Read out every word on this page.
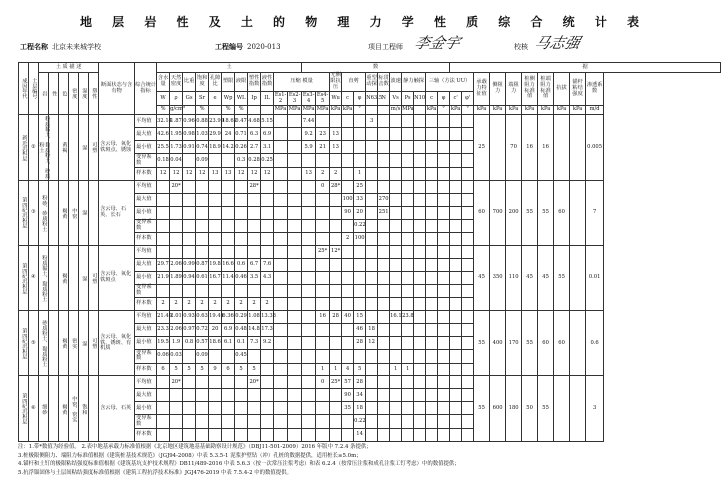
地 层 岩 性 及 土 的 物 理 力 学 性 质 综 合 统 计 表
工程名称 北京未来城学校	工程编号 2020-013	项目工程师 李金宇	校核 马志强
成因年代	土层编号	土 质 描 述						断面状态与含有物	综合统计指标	土											数												据									
		岩	性	色	密度	湿度	塑性			含水量	天然密度	比重	饱和度	孔隙比	塑限	液限	塑性指数	液性指数	压缩 模量				无侧限抗压	直剪		重型动探	标贯击数	波速	静力触探		三轴（方法 UU）				承载力特征值	侧阻力	端阻力	桩侧阻力标准值	桩端阻力标准值	抗拔	锚杆粘结强度	渗透系数
										W	ρ	Gs	Sr	e	Wp	WL	Ip	IL	Es1-2	Es2-3	Es3-4	Es4-5	Wu	c	φ	N63.5	N	Vs	Ps	N10	c	φ	c'	φ'								
										%	g/cm³		%		%	%			MPa	MPa	MPa	MPa	kPa	kPa	°			m/s	MPa		kPa	°	kPa	°	kPa	kPa	kPa	kPa	kPa	kPa	kPa	m/d
新近沉积层	②	粉质黏土、黏质粉土、砂质粉土		黄褐		湿	可塑	含云母、氧化铁斑点、锈蚀	平均值	32.14	1.87	0.96	0.88	23.99	18.62	0.47	4.68	5.15			7.44					3									25		70	16	16			0.005
									最大值	42.6	1.95	0.98	1.03	29.9	24	0.71	6.3	6.9			9.2	23	13																			
									最小值	25.5	1.73	0.91	0.74	18.9	14.2	0.26	2.7	3.1			5.9	21	13																			
									变异系数	0.18	0.04		0.09			0.3	0.28	0.25																								
									样本数	12	12	12	12	13	13	12	12	12			13	2	2		1																	
第四纪沉积层	③	粉砂、砂质粉土		褐黄	中密	湿		含云母、石英、长石	平均值		20*						28*					0	28*		25										60	700	200	55	55	60		7
									最大值															100	33		270															
									最小值															90	20		251															
									变异系数																0.22																	
									样本数															2	100																	
第四纪沉积层	④	粉质黏土、黏质粉土		褐黄		湿	可塑	含云母、氧化铁斑点	平均值													25*	12*												45	350	110	45	45	55		0.01
									最大值	29.7	2.06	0.99	0.87	19.8	16.6	0.6	6.7	7.6																								
									最小值	21.9	1.89	0.94	0.61	16.7	11.4	0.46	3.5	4.3																								
									变异系数																																	
									样本数	2	2	2	2	2	2	2	2	2																								
第四纪沉积层	⑤	砂质粉土、黏质粉土		褐黄	密实	湿	可塑	含云母、氧化铁、锈斑、有机质	平均值	21.49	2.01	0.93	0.63	19.41	6.36	0.29	1.08	13.38				16	28	40	15			16.1	23.8						55	400	170	55	60	60		0.6
									最大值	23.3	2.06	0.97	0.72	20	6.9	0.48	14.8	17.3							46	18																
									最小值	19.5	1.9	0.8	0.57	18.6	6.1	0.1	7.3	9.2							28	12																
									变异系数	0.06	0.03		0.09			0.45																										
									样本数	6	5	5	5	9	6	5	5					1	1	4	5			1	1													
第四纪沉积层	⑥	细砂		褐黄	中密、密实	饱和		含云母、石英	平均值		20*						20*					0	25*	57	28										55	600	180	50	55			3
									最大值															90	34																	
									最小值															35	18																	
									变异系数																0.22																	
									样本数																14																	
注：1.带*数值为经验值。 2.表中地基承载力标准值根据《北京地区建筑地基基础勘察设计规范》（DBJ11-501-2009）2016 年版中 7.2.4 条提供；
3.桩极限侧阻力、端阻力标准值根据《建筑桩基技术规范》（JGJ94-2008）中表 5.3.5-1 泥浆护壁钻（冲）孔桩的数据提供，适用桩长≥5.0m；
4.锚杆和土钉的极限粘结强度标准值根据《建筑基坑支护技术规程》DB11/489-2016 中表 5.6.3（按一次常压注浆考虑）和表 6.2.4（按常压注浆和成孔注浆工钉考虑）中的数值提供；
5.抗浮锚固体与土层间粘结强度标准值根据《建筑工程抗浮技术标准》JGJ476-2019 中表 7.5.4-2 中的数值提供。
